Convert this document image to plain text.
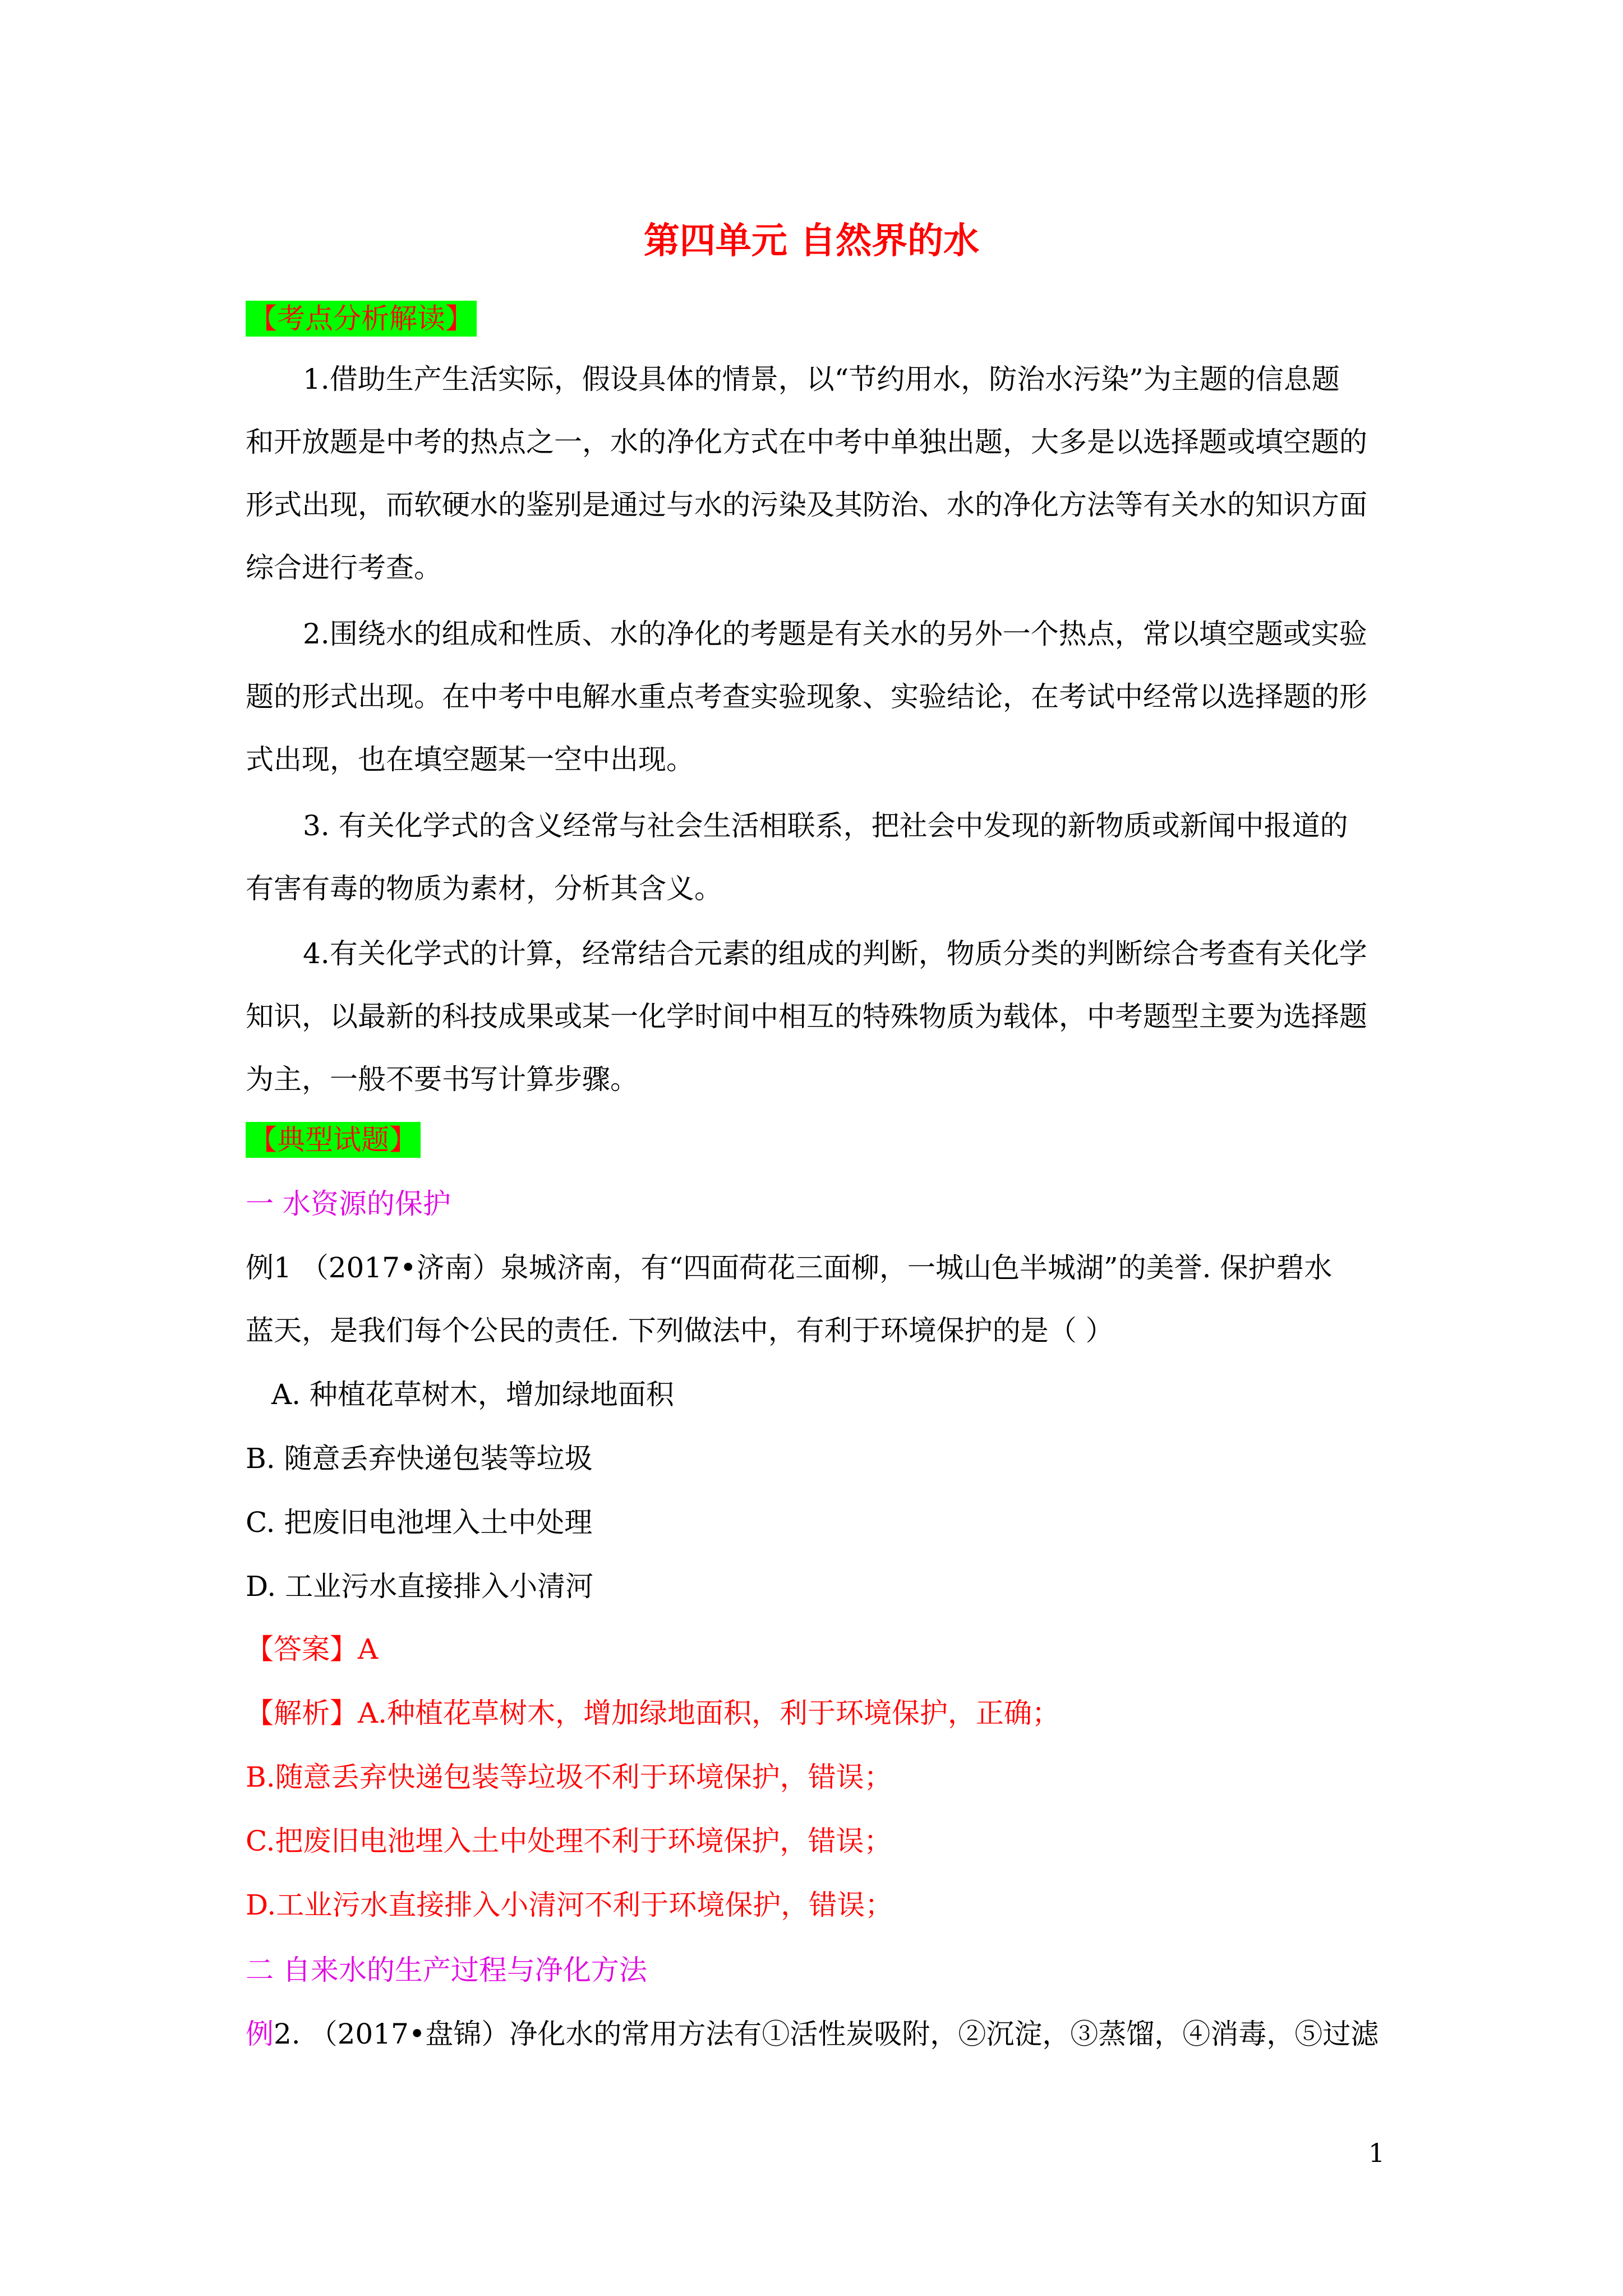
第四单元 自然界的水
【考点分析解读】
1.借助生产生活实际，假设具体的情景，以“节约用水，防治水污染”为主题的信息题
和开放题是中考的热点之一，水的净化方式在中考中单独出题，大多是以选择题或填空题的
形式出现，而软硬水的鉴别是通过与水的污染及其防治、水的净化方法等有关水的知识方面
综合进行考查。
2.围绕水的组成和性质、水的净化的考题是有关水的另外一个热点，常以填空题或实验
题的形式出现。在中考中电解水重点考查实验现象、实验结论，在考试中经常以选择题的形
式出现，也在填空题某一空中出现。
3. 有关化学式的含义经常与社会生活相联系，把社会中发现的新物质或新闻中报道的
有害有毒的物质为素材，分析其含义。
4.有关化学式的计算，经常结合元素的组成的判断，物质分类的判断综合考查有关化学
知识，以最新的科技成果或某一化学时间中相互的特殊物质为载体，中考题型主要为选择题
为主，一般不要书写计算步骤。
【典型试题】
一 水资源的保护
例1 （2017•济南）泉城济南，有“四面荷花三面柳，一城山色半城湖”的美誉. 保护碧水
蓝天，是我们每个公民的责任. 下列做法中，有利于环境保护的是（ ）
A. 种植花草树木，增加绿地面积
B. 随意丢弃快递包装等垃圾
C. 把废旧电池埋入土中处理
D. 工业污水直接排入小清河
【答案】A
【解析】A.种植花草树木，增加绿地面积，利于环境保护，正确；
B.随意丢弃快递包装等垃圾不利于环境保护，错误；
C.把废旧电池埋入土中处理不利于环境保护，错误；
D.工业污水直接排入小清河不利于环境保护，错误；
二 自来水的生产过程与净化方法
例2. （2017•盘锦）净化水的常用方法有①活性炭吸附，②沉淀，③蒸馏，④消毒，⑤过滤
1
